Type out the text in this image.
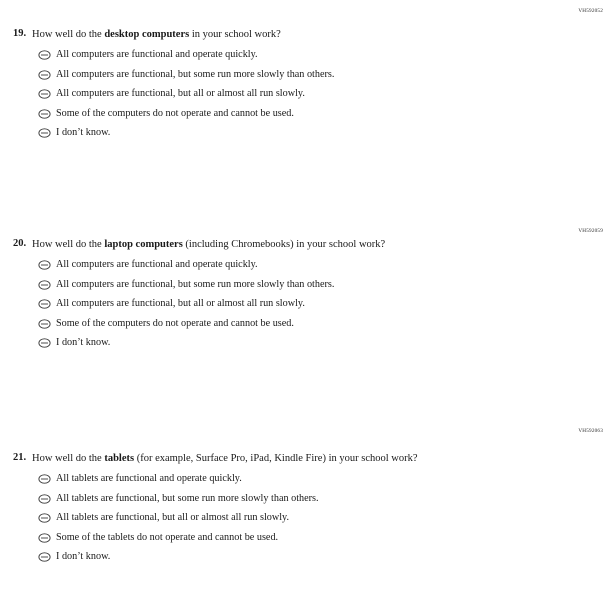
VH592052
19. How well do the desktop computers in your school work?
All computers are functional and operate quickly.
All computers are functional, but some run more slowly than others.
All computers are functional, but all or almost all run slowly.
Some of the computers do not operate and cannot be used.
I don’t know.
VH592059
20. How well do the laptop computers (including Chromebooks) in your school work?
All computers are functional and operate quickly.
All computers are functional, but some run more slowly than others.
All computers are functional, but all or almost all run slowly.
Some of the computers do not operate and cannot be used.
I don’t know.
VH592063
21. How well do the tablets (for example, Surface Pro, iPad, Kindle Fire) in your school work?
All tablets are functional and operate quickly.
All tablets are functional, but some run more slowly than others.
All tablets are functional, but all or almost all run slowly.
Some of the tablets do not operate and cannot be used.
I don’t know.
